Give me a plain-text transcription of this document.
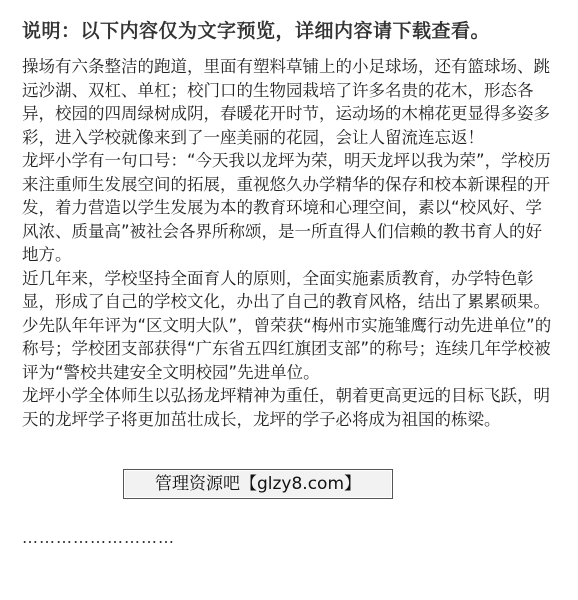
说明：以下内容仅为文字预览，详细内容请下载查看。

操场有六条整洁的跑道，里面有塑料草铺上的小足球场，还有篮球场、跳远沙湖、双杠、单杠；校门口的生物园栽培了许多名贵的花木，形态各异，校园的四周绿树成阴，春暖花开时节，运动场的木棉花更显得多姿多彩，进入学校就像来到了一座美丽的花园，会让人留流连忘返！

龙坪小学有一句口号：“今天我以龙坪为荣，明天龙坪以我为荣”，学校历来注重师生发展空间的拓展，重视悠久办学精华的保存和校本新课程的开发，着力营造以学生发展为本的教育环境和心理空间，素以“校风好、学风浓、质量高”被社会各界所称颂，是一所直得人们信赖的教书育人的好地方。

近几年来，学校坚持全面育人的原则，全面实施素质教育，办学特色彰显，形成了自己的学校文化，办出了自己的教育风格，结出了累累硕果。少先队年年评为“区文明大队”，曾荣获“梅州市实施雏鹰行动先进单位”的称号；学校团支部获得“广东省五四红旗团支部”的称号；连续几年学校被评为“警校共建安全文明校园”先进单位。

龙坪小学全体师生以弘扬龙坪精神为重任，朝着更高更远的目标飞跃，明天的龙坪学子将更加茁壮成长，龙坪的学子必将成为祖国的栋梁。

………………………
管理资源吧【glzy8.com】
